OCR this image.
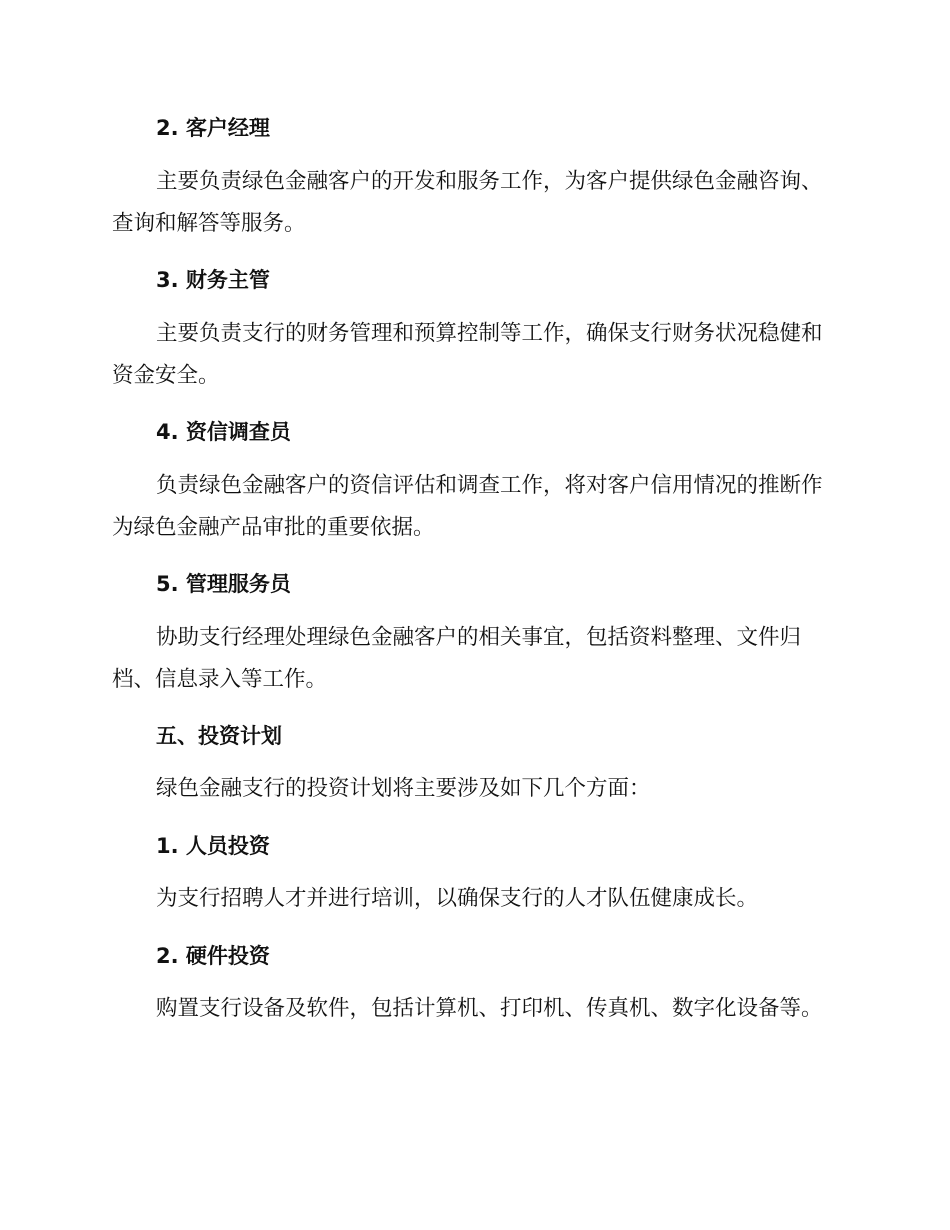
2. 客户经理

主要负责绿色金融客户的开发和服务工作，为客户提供绿色金融咨询、
查询和解答等服务。

3. 财务主管

主要负责支行的财务管理和预算控制等工作，确保支行财务状况稳健和
资金安全。

4. 资信调查员

负责绿色金融客户的资信评估和调查工作，将对客户信用情况的推断作
为绿色金融产品审批的重要依据。

5. 管理服务员

协助支行经理处理绿色金融客户的相关事宜，包括资料整理、文件归
档、信息录入等工作。

五、投资计划

绿色金融支行的投资计划将主要涉及如下几个方面：

1. 人员投资

为支行招聘人才并进行培训，以确保支行的人才队伍健康成长。

2. 硬件投资

购置支行设备及软件，包括计算机、打印机、传真机、数字化设备等。
